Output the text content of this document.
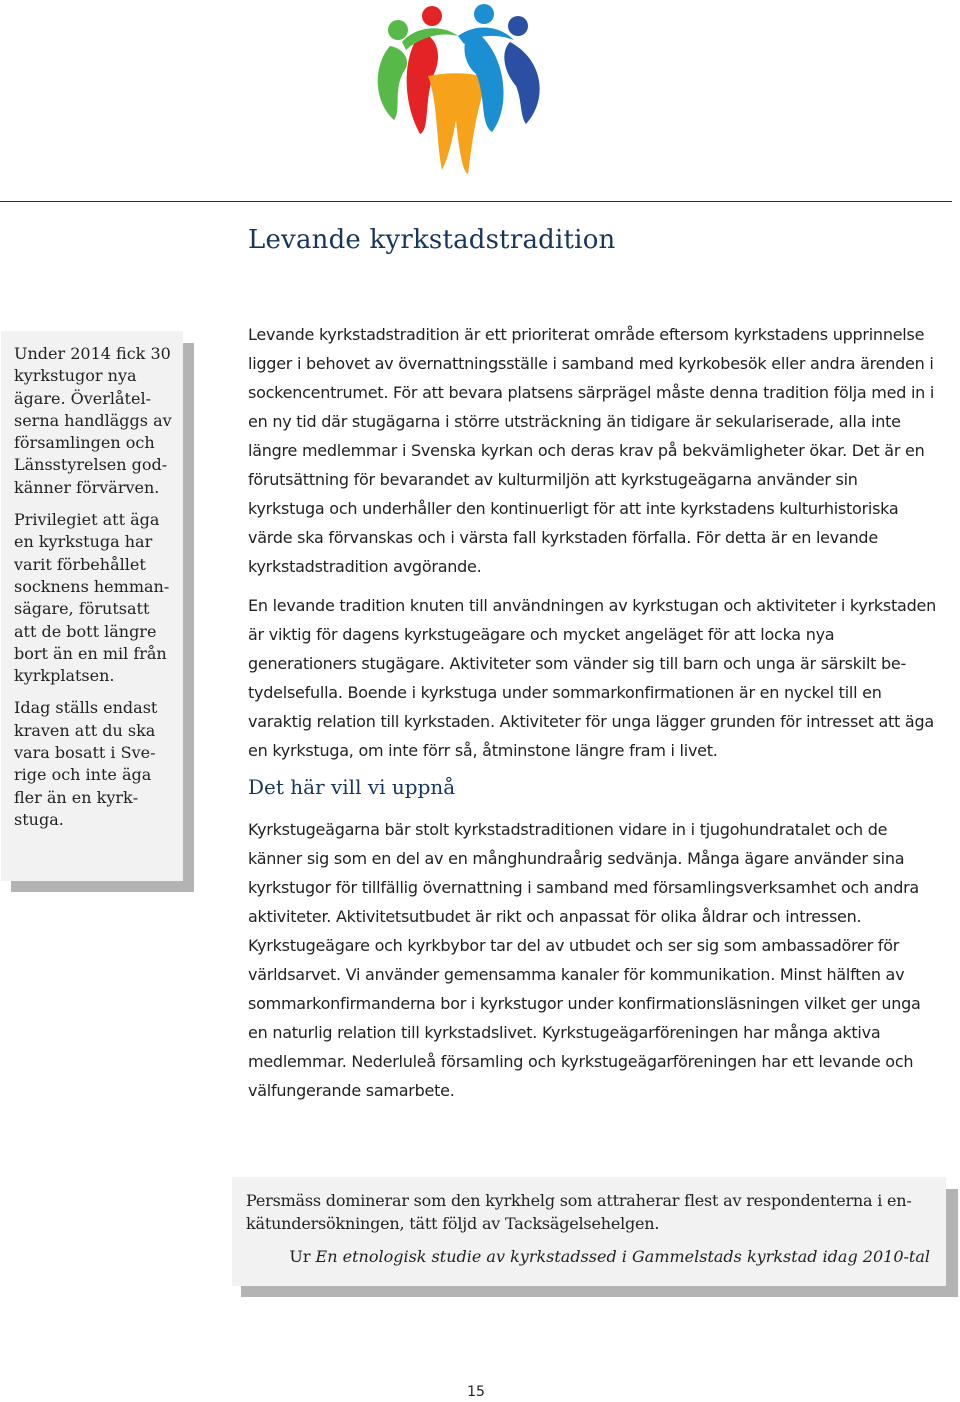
Levande kyrkstadstradition

Under 2014 fick 30 kyrkstugor nya ägare. Överlåtelserna handläggs av församlingen och Länsstyrelsen godkänner förvärven.

Privilegiet att äga en kyrkstuga har varit förbehållet socknens hemmansägare, förutsatt att de bott längre bort än en mil från kyrkplatsen.

Idag ställs endast kraven att du ska vara bosatt i Sverige och inte äga fler än en kyrkstuga.

Levande kyrkstadstradition är ett prioriterat område eftersom kyrkstadens upprinnelse ligger i behovet av övernattningsställe i samband med kyrkobesök eller andra ärenden i sockencentrumet. För att bevara platsens särprägel måste denna tradition följa med in i en ny tid där stugägarna i större utsträckning än tidigare är sekulariserade, alla inte längre medlemmar i Svenska kyrkan och deras krav på bekvämligheter ökar. Det är en förutsättning för bevarandet av kulturmiljön att kyrkstugeägarna använder sin kyrkstuga och underhåller den kontinuerligt för att inte kyrkstadens kulturhistoriska värde ska förvanskas och i värsta fall kyrkstaden förfalla. För detta är en levande kyrkstadstradition avgörande.

En levande tradition knuten till användningen av kyrkstugan och aktiviteter i kyrkstaden är viktig för dagens kyrkstugeägare och mycket angeläget för att locka nya generationers stugägare. Aktiviteter som vänder sig till barn och unga är särskilt betydelsefulla. Boende i kyrkstuga under sommarkonfirmationen är en nyckel till en varaktig relation till kyrkstaden. Aktiviteter för unga lägger grunden för intresset att äga en kyrkstuga, om inte förr så, åtminstone längre fram i livet.

Det här vill vi uppnå

Kyrkstugeägarna bär stolt kyrkstadstraditionen vidare in i tjugohundratalet och de känner sig som en del av en månghundraårig sedvänja. Många ägare använder sina kyrkstugor för tillfällig övernattning i samband med församlingsverksamhet och andra aktiviteter. Aktivitetsutbudet är rikt och anpassat för olika åldrar och intressen. Kyrkstugeägare och kyrkbybor tar del av utbudet och ser sig som ambassadörer för världsarvet. Vi använder gemensamma kanaler för kommunikation. Minst hälften av sommarkonfirmanderna bor i kyrkstugor under konfirmationsläsningen vilket ger unga en naturlig relation till kyrkstadslivet. Kyrkstugeägarföreningen har många aktiva medlemmar. Nederluleå församling och kyrkstugeägarföreningen har ett levande och välfungerande samarbete.

Persmäss dominerar som den kyrkhelg som attraherar flest av respondenterna i enkätundersökningen, tätt följd av Tacksägelsehelgen.

Ur En etnologisk studie av kyrkstadssed i Gammelstads kyrkstad idag 2010-tal

15
